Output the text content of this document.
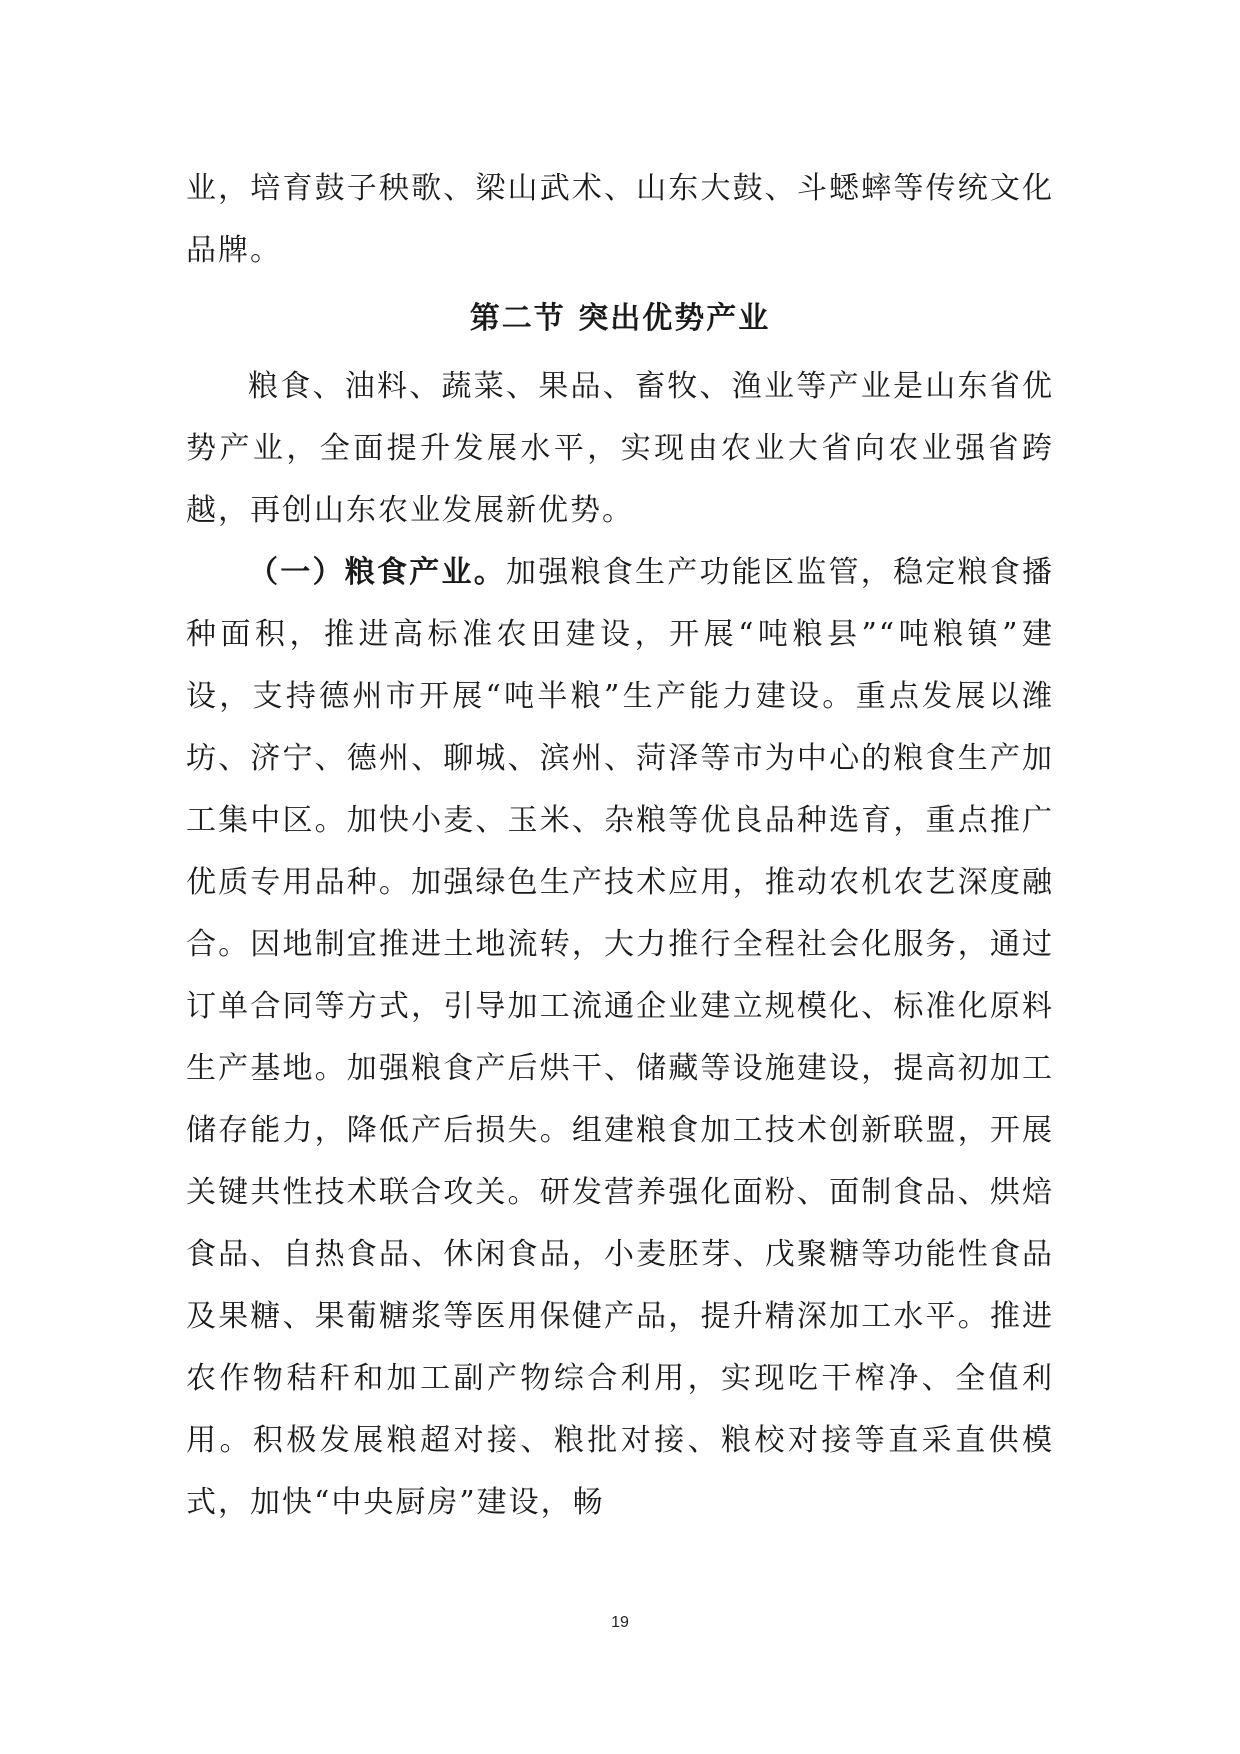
业，培育鼓子秧歌、梁山武术、山东大鼓、斗蟋蟀等传统文化品牌。

第二节 突出优势产业

粮食、油料、蔬菜、果品、畜牧、渔业等产业是山东省优势产业，全面提升发展水平，实现由农业大省向农业强省跨越，再创山东农业发展新优势。

（一）粮食产业。加强粮食生产功能区监管，稳定粮食播种面积，推进高标准农田建设，开展“吨粮县”“吨粮镇”建设，支持德州市开展“吨半粮”生产能力建设。重点发展以潍坊、济宁、德州、聊城、滨州、菏泽等市为中心的粮食生产加工集中区。加快小麦、玉米、杂粮等优良品种选育，重点推广优质专用品种。加强绿色生产技术应用，推动农机农艺深度融合。因地制宜推进土地流转，大力推行全程社会化服务，通过订单合同等方式，引导加工流通企业建立规模化、标准化原料生产基地。加强粮食产后烘干、储藏等设施建设，提高初加工储存能力，降低产后损失。组建粮食加工技术创新联盟，开展关键共性技术联合攻关。研发营养强化面粉、面制食品、烘焙食品、自热食品、休闲食品，小麦胚芽、戊聚糖等功能性食品及果糖、果葡糖浆等医用保健产品，提升精深加工水平。推进农作物秸秆和加工副产物综合利用，实现吃干榨净、全值利用。积极发展粮超对接、粮批对接、粮校对接等直采直供模式，加快“中央厨房”建设，畅

19
